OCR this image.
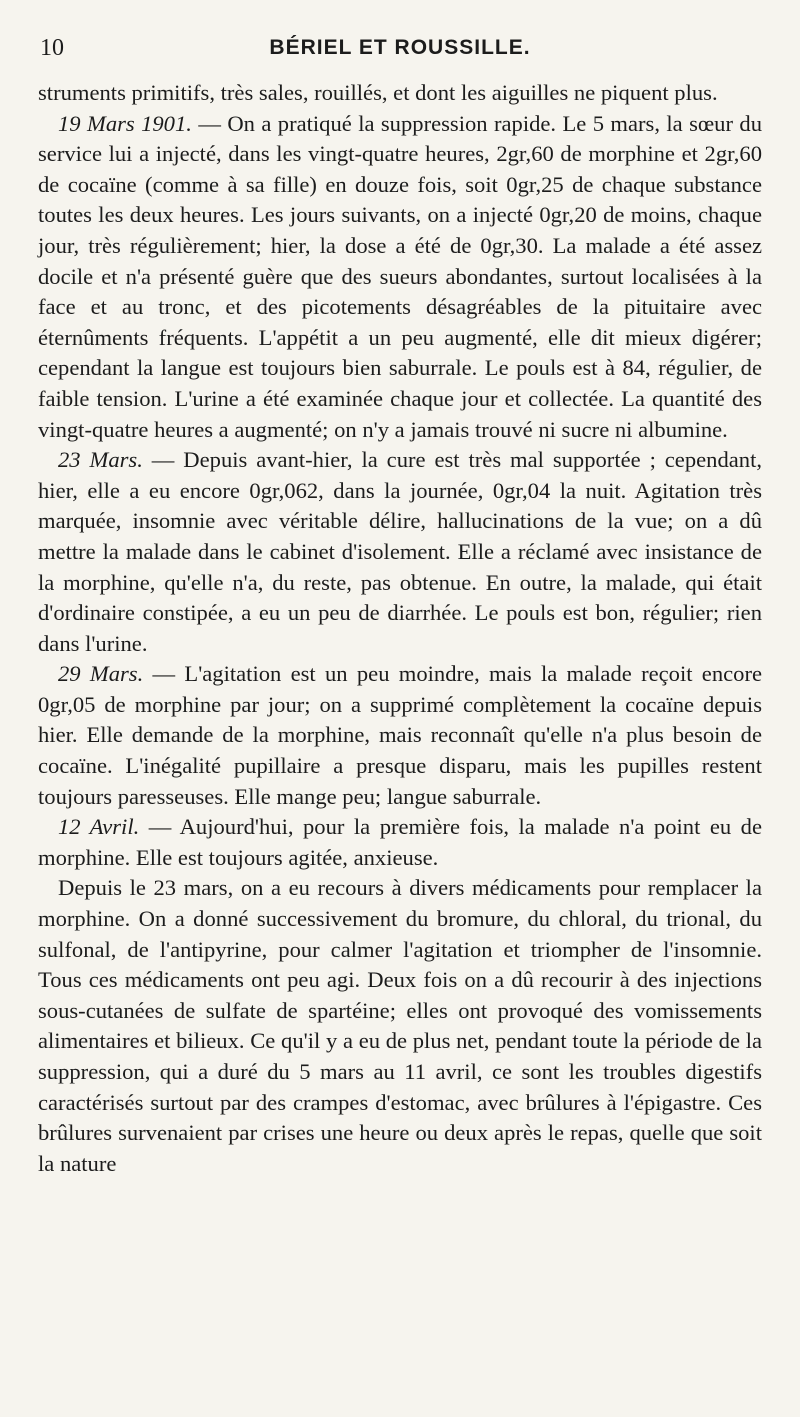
10	BÉRIEL ET ROUSSILLE.

struments primitifs, très sales, rouillés, et dont les aiguilles ne piquent plus.

19 Mars 1901. — On a pratiqué la suppression rapide. Le 5 mars, la sœur du service lui a injecté, dans les vingt-quatre heures, 2gr,60 de morphine et 2gr,60 de cocaïne (comme à sa fille) en douze fois, soit 0gr,25 de chaque substance toutes les deux heures. Les jours suivants, on a injecté 0gr,20 de moins, chaque jour, très régulièrement; hier, la dose a été de 0gr,30. La malade a été assez docile et n'a présenté guère que des sueurs abondantes, surtout localisées à la face et au tronc, et des picotements désagréables de la pituitaire avec éternûments fréquents. L'appétit a un peu augmenté, elle dit mieux digérer; cependant la langue est toujours bien saburrale. Le pouls est à 84, régulier, de faible tension. L'urine a été examinée chaque jour et collectée. La quantité des vingt-quatre heures a augmenté; on n'y a jamais trouvé ni sucre ni albumine.

23 Mars. — Depuis avant-hier, la cure est très mal supportée ; cependant, hier, elle a eu encore 0gr,062, dans la journée, 0gr,04 la nuit. Agitation très marquée, insomnie avec véritable délire, hallucinations de la vue; on a dû mettre la malade dans le cabinet d'isolement. Elle a réclamé avec insistance de la morphine, qu'elle n'a, du reste, pas obtenue. En outre, la malade, qui était d'ordinaire constipée, a eu un peu de diarrhée. Le pouls est bon, régulier; rien dans l'urine.

29 Mars. — L'agitation est un peu moindre, mais la malade reçoit encore 0gr,05 de morphine par jour; on a supprimé complètement la cocaïne depuis hier. Elle demande de la morphine, mais reconnaît qu'elle n'a plus besoin de cocaïne. L'inégalité pupillaire a presque disparu, mais les pupilles restent toujours paresseuses. Elle mange peu; langue saburrale.

12 Avril. — Aujourd'hui, pour la première fois, la malade n'a point eu de morphine. Elle est toujours agitée, anxieuse.

Depuis le 23 mars, on a eu recours à divers médicaments pour remplacer la morphine. On a donné successivement du bromure, du chloral, du trional, du sulfonal, de l'antipyrine, pour calmer l'agitation et triompher de l'insomnie. Tous ces médicaments ont peu agi. Deux fois on a dû recourir à des injections sous-cutanées de sulfate de spartéine; elles ont provoqué des vomissements alimentaires et bilieux. Ce qu'il y a eu de plus net, pendant toute la période de la suppression, qui a duré du 5 mars au 11 avril, ce sont les troubles digestifs caractérisés surtout par des crampes d'estomac, avec brûlures à l'épigastre. Ces brûlures survenaient par crises une heure ou deux après le repas, quelle que soit la nature
